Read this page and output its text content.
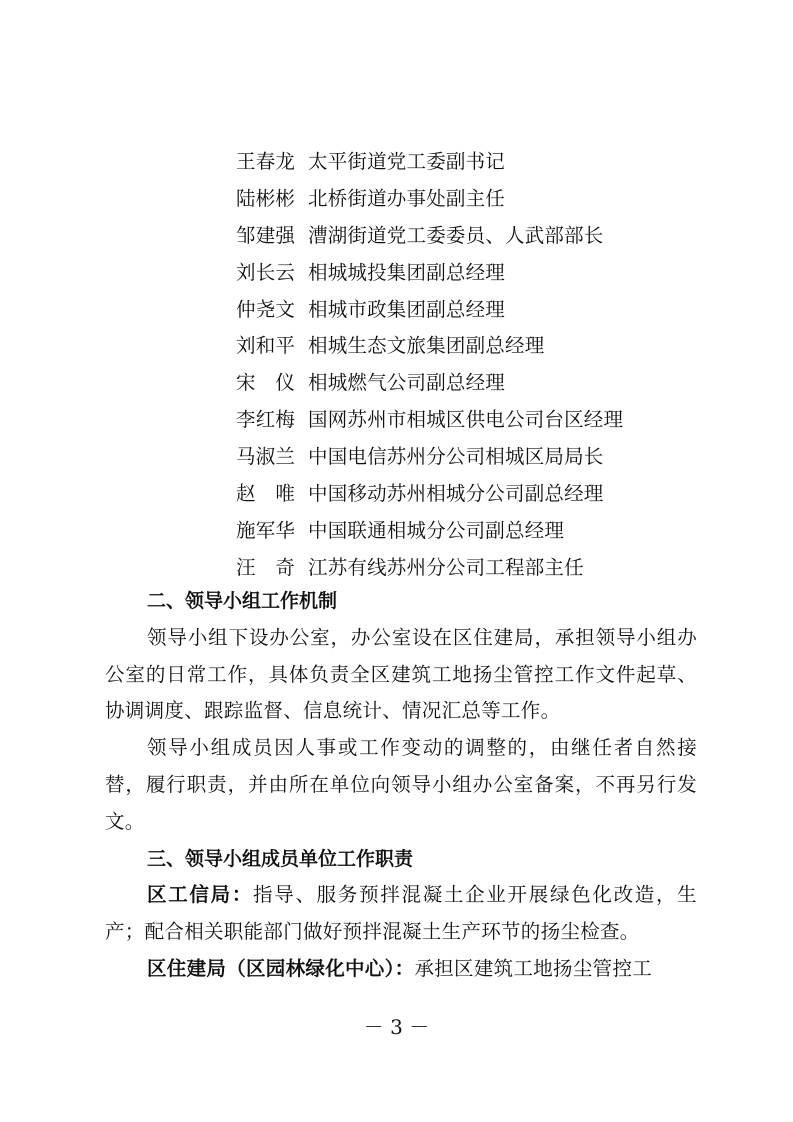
王春龙 太平街道党工委副书记
陆彬彬 北桥街道办事处副主任
邹建强 漕湖街道党工委委员、人武部部长
刘长云 相城城投集团副总经理
仲尧文 相城市政集团副总经理
刘和平 相城生态文旅集团副总经理
宋　仪 相城燃气公司副总经理
李红梅 国网苏州市相城区供电公司台区经理
马淑兰 中国电信苏州分公司相城区局局长
赵　唯 中国移动苏州相城分公司副总经理
施军华 中国联通相城分公司副总经理
汪　奇 江苏有线苏州分公司工程部主任
二、领导小组工作机制
领导小组下设办公室，办公室设在区住建局，承担领导小组办公室的日常工作，具体负责全区建筑工地扬尘管控工作文件起草、协调调度、跟踪监督、信息统计、情况汇总等工作。
领导小组成员因人事或工作变动的调整的，由继任者自然接替，履行职责，并由所在单位向领导小组办公室备案，不再另行发文。
三、领导小组成员单位工作职责
区工信局：指导、服务预拌混凝土企业开展绿色化改造，生产；配合相关职能部门做好预拌混凝土生产环节的扬尘检查。
区住建局（区园林绿化中心）：承担区建筑工地扬尘管控工
－ 3 －
